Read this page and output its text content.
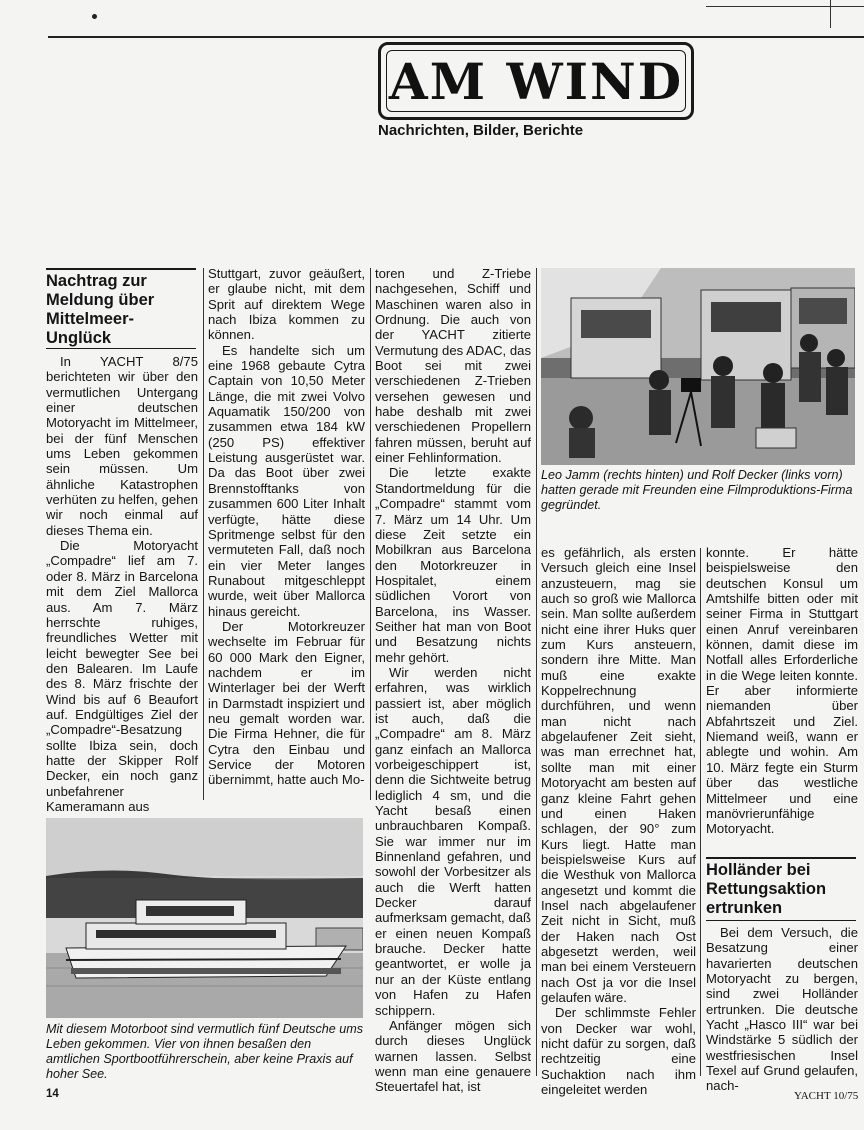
AM WIND
Nachrichten, Bilder, Berichte
Nachtrag zur Meldung über Mittelmeer-Unglück

In YACHT 8/75 berichteten wir über den vermutlichen Untergang einer deutschen Motoryacht im Mittelmeer, bei der fünf Menschen ums Leben gekommen sein müssen. Um ähnliche Katastrophen verhüten zu helfen, gehen wir noch einmal auf dieses Thema ein.

Die Motoryacht „Compadre“ lief am 7. oder 8. März in Barcelona mit dem Ziel Mallorca aus. Am 7. März herrschte ruhiges, freundliches Wetter mit leicht bewegter See bei den Balearen. Im Laufe des 8. März frischte der Wind bis auf 6 Beaufort auf. Endgültiges Ziel der „Compadre“-Besatzung sollte Ibiza sein, doch hatte der Skipper Rolf Decker, ein noch ganz unbefahrener Kameramann aus

Stuttgart, zuvor geäußert, er glaube nicht, mit dem Sprit auf direktem Wege nach Ibiza kommen zu können.

Es handelte sich um eine 1968 gebaute Cytra Captain von 10,50 Meter Länge, die mit zwei Volvo Aquamatik 150/200 von zusammen etwa 184 kW (250 PS) effektiver Leistung ausgerüstet war. Da das Boot über zwei Brennstofftanks von zusammen 600 Liter Inhalt verfügte, hätte diese Spritmenge selbst für den vermuteten Fall, daß noch ein vier Meter langes Runabout mitgeschleppt wurde, weit über Mallorca hinaus gereicht.

Der Motorkreuzer wechselte im Februar für 60 000 Mark den Eigner, nachdem er im Winterlager bei der Werft in Darmstadt inspiziert und neu gemalt worden war. Die Firma Hehner, die für Cytra den Einbau und Service der Motoren übernimmt, hatte auch Mo-

toren und Z-Triebe nachgesehen, Schiff und Maschinen waren also in Ordnung. Die auch von der YACHT zitierte Vermutung des ADAC, das Boot sei mit zwei verschiedenen Z-Trieben versehen gewesen und habe deshalb mit zwei verschiedenen Propellern fahren müssen, beruht auf einer Fehlinformation.

Die letzte exakte Standortmeldung für die „Compadre“ stammt vom 7. März um 14 Uhr. Um diese Zeit setzte ein Mobilkran aus Barcelona den Motorkreuzer in Hospitalet, einem südlichen Vorort von Barcelona, ins Wasser. Seither hat man von Boot und Besatzung nichts mehr gehört.

Wir werden nicht erfahren, was wirklich passiert ist, aber möglich ist auch, daß die „Compadre“ am 8. März ganz einfach an Mallorca vorbeigeschippert ist, denn die Sichtweite betrug lediglich 4 sm, und die Yacht besaß einen unbrauchbaren Kompaß. Sie war immer nur im Binnenland gefahren, und sowohl der Vorbesitzer als auch die Werft hatten Decker darauf aufmerksam gemacht, daß er einen neuen Kompaß brauche. Decker hatte geantwortet, er wolle ja nur an der Küste entlang von Hafen zu Hafen schippern.

Anfänger mögen sich durch dieses Unglück warnen lassen. Selbst wenn man eine genauere Steuertafel hat, ist

Leo Jamm (rechts hinten) und Rolf Decker (links vorn) hatten gerade mit Freunden eine Filmproduktions-Firma gegründet.

es gefährlich, als ersten Versuch gleich eine Insel anzusteuern, mag sie auch so groß wie Mallorca sein. Man sollte außerdem nicht eine ihrer Huks quer zum Kurs ansteuern, sondern ihre Mitte. Man muß eine exakte Koppelrechnung durchführen, und wenn man nicht nach abgelaufener Zeit sieht, was man errechnet hat, sollte man mit einer Motoryacht am besten auf ganz kleine Fahrt gehen und einen Haken schlagen, der 90° zum Kurs liegt. Hatte man beispielsweise Kurs auf die Westhuk von Mallorca angesetzt und kommt die Insel nach abgelaufener Zeit nicht in Sicht, muß der Haken nach Ost abgesetzt werden, weil man bei einem Versteuern nach Ost ja vor die Insel gelaufen wäre.

Der schlimmste Fehler von Decker war wohl, nicht dafür zu sorgen, daß rechtzeitig eine Suchaktion nach ihm eingeleitet werden

konnte. Er hätte beispielsweise den deutschen Konsul um Amtshilfe bitten oder mit seiner Firma in Stuttgart einen Anruf vereinbaren können, damit diese im Notfall alles Erforderliche in die Wege leiten konnte. Er aber informierte niemanden über Abfahrtszeit und Ziel. Niemand weiß, wann er ablegte und wohin. Am 10. März fegte ein Sturm über das westliche Mittelmeer und eine manövrierunfähige Motoryacht.

Holländer bei Rettungsaktion ertrunken

Bei dem Versuch, die Besatzung einer havarierten deutschen Motoryacht zu bergen, sind zwei Holländer ertrunken. Die deutsche Yacht „Hasco III“ war bei Windstärke 5 südlich der westfriesischen Insel Texel auf Grund gelaufen, nach-

Mit diesem Motorboot sind vermutlich fünf Deutsche ums Leben gekommen. Vier von ihnen besaßen den amtlichen Sportbootführerschein, aber keine Praxis auf hoher See.
14	YACHT 10/75
